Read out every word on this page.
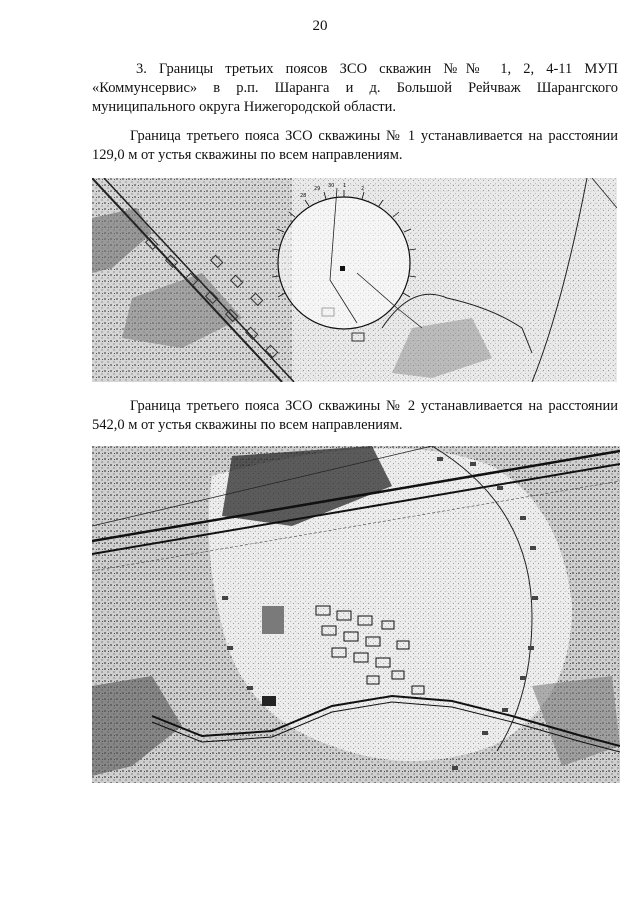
20
3. Границы третьих поясов ЗСО скважин №№ 1, 2, 4-11 МУП
«Коммунсервис» в р.п. Шаранга и д. Большой Рейчваж Шарангского
муниципального округа Нижегородской области.
Граница третьего пояса ЗСО скважины № 1 устанавливается на расстоянии
129,0 м от устья скважины по всем направлениям.
29 30 1	2
28
Граница третьего пояса ЗСО скважины № 2 устанавливается на расстоянии
542,0 м от устья скважины по всем направлениям.
